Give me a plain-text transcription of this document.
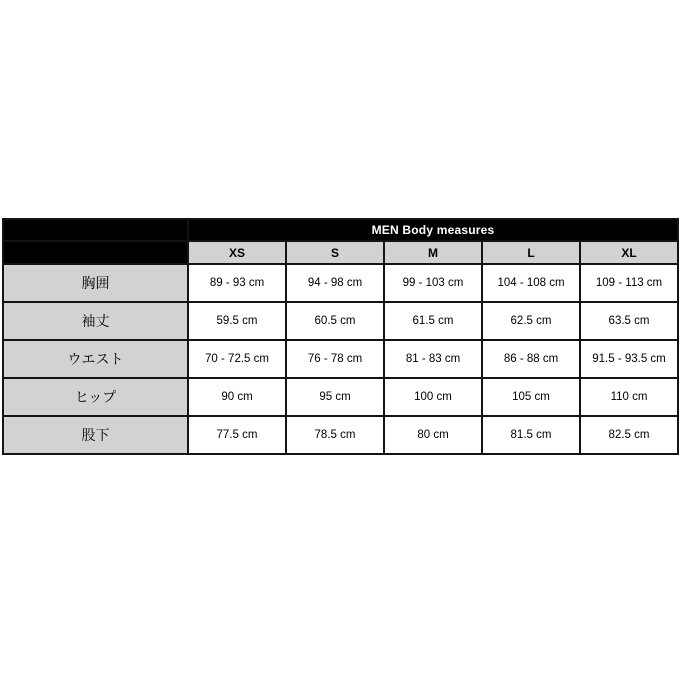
	MEN Body measures				
	XS	S	M	L	XL
胸囲	89 - 93 cm	94 - 98 cm	99 - 103 cm	104 - 108 cm	109 - 113 cm
袖丈	59.5 cm	60.5 cm	61.5 cm	62.5 cm	63.5 cm
ウエスト	70 - 72.5 cm	76 - 78 cm	81 - 83 cm	86 - 88 cm	91.5 - 93.5 cm
ヒップ	90 cm	95 cm	100 cm	105 cm	110 cm
股下	77.5 cm	78.5 cm	80 cm	81.5 cm	82.5 cm
